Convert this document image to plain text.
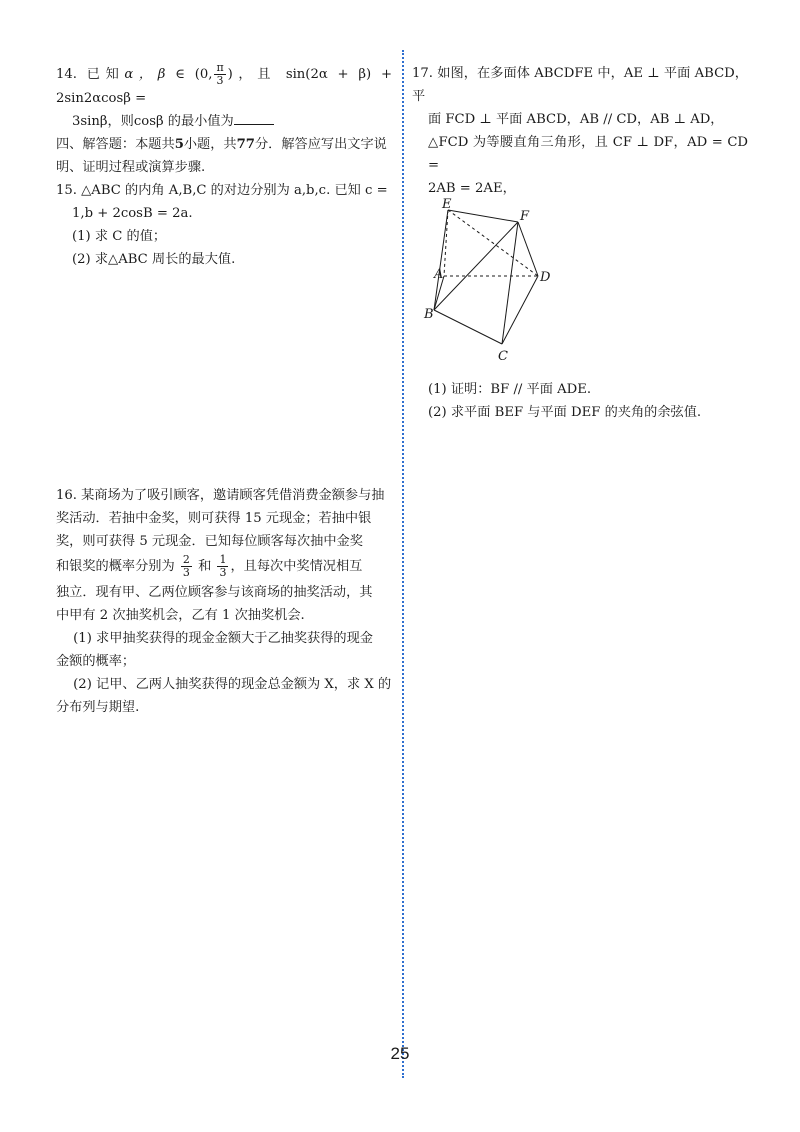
14. 已知α，β ∈ (0, $\frac{\pi}{3}$ )，且 sin(2α + β) + 2sin2αcosβ =

3sinβ，则cosβ 的最小值为

四、解答题：本题共5小题，共77分．解答应写出文字说

明、证明过程或演算步骤.

15. △ABC 的内角 A,B,C 的对边分别为 a,b,c. 已知 c =

1,b + 2cosB = 2a.

(1) 求 C 的值；

(2) 求△ABC 周长的最大值.

16. 某商场为了吸引顾客，邀请顾客凭借消费金额参与抽

奖活动．若抽中金奖，则可获得 15 元现金；若抽中银

奖，则可获得 5 元现金．已知每位顾客每次抽中金奖

和银奖的概率分别为 $\frac{2}{3}$ 和 $\frac{1}{3}$ ，且每次中奖情况相互

独立．现有甲、乙两位顾客参与该商场的抽奖活动，其

中甲有 2 次抽奖机会，乙有 1 次抽奖机会.

(1) 求甲抽奖获得的现金金额大于乙抽奖获得的现金

金额的概率；

(2) 记甲、乙两人抽奖获得的现金总金额为 X，求 X 的

分布列与期望.

17. 如图，在多面体 ABCDFE 中，AE ⊥ 平面 ABCD，平

面 FCD ⊥ 平面 ABCD，AB // CD，AB ⊥ AD，

△FCD 为等腰直角三角形，且 CF ⊥ DF，AD = CD =

2AB = 2AE，

E
F
A	D
B
C

(1) 证明：BF // 平面 ADE.

(2) 求平面 BEF 与平面 DEF 的夹角的余弦值.

25
